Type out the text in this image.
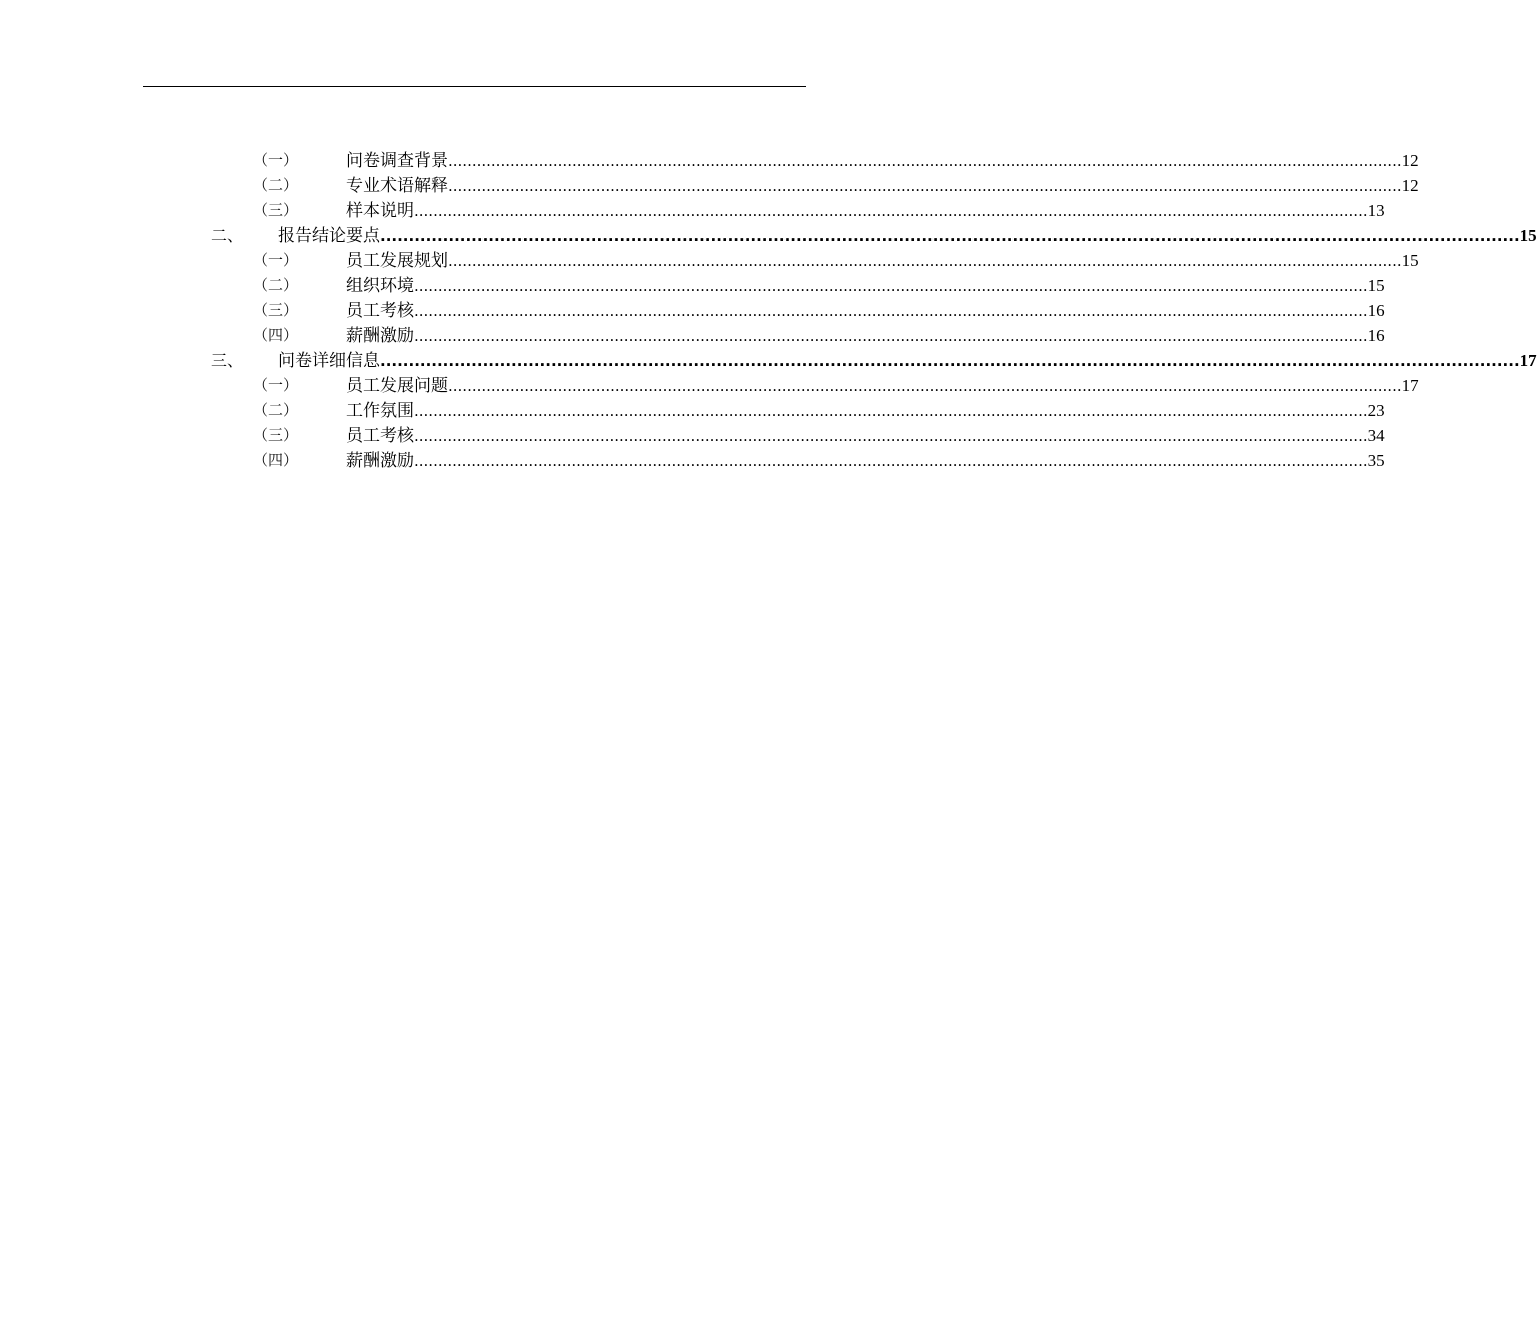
（一）	问卷调查背景 ........................................................................................................................................................................................................ 12
（二）	专业术语解释 ........................................................................................................................................................................................................ 12
（三）	样本说明 ........................................................................................................................................................................................................ 13
二、 报告结论要点 ........................................................................................................................................................................................................ 15
（一）	员工发展规划 ........................................................................................................................................................................................................ 15
（二）	组织环境 ........................................................................................................................................................................................................ 15
（三）	员工考核 ........................................................................................................................................................................................................ 16
（四）	薪酬激励 ........................................................................................................................................................................................................ 16
三、 问卷详细信息 ........................................................................................................................................................................................................ 17
（一）	员工发展问题 ........................................................................................................................................................................................................ 17
（二）	工作氛围 ........................................................................................................................................................................................................ 23
（三）	员工考核 ........................................................................................................................................................................................................ 34
（四）	薪酬激励 ........................................................................................................................................................................................................ 35
